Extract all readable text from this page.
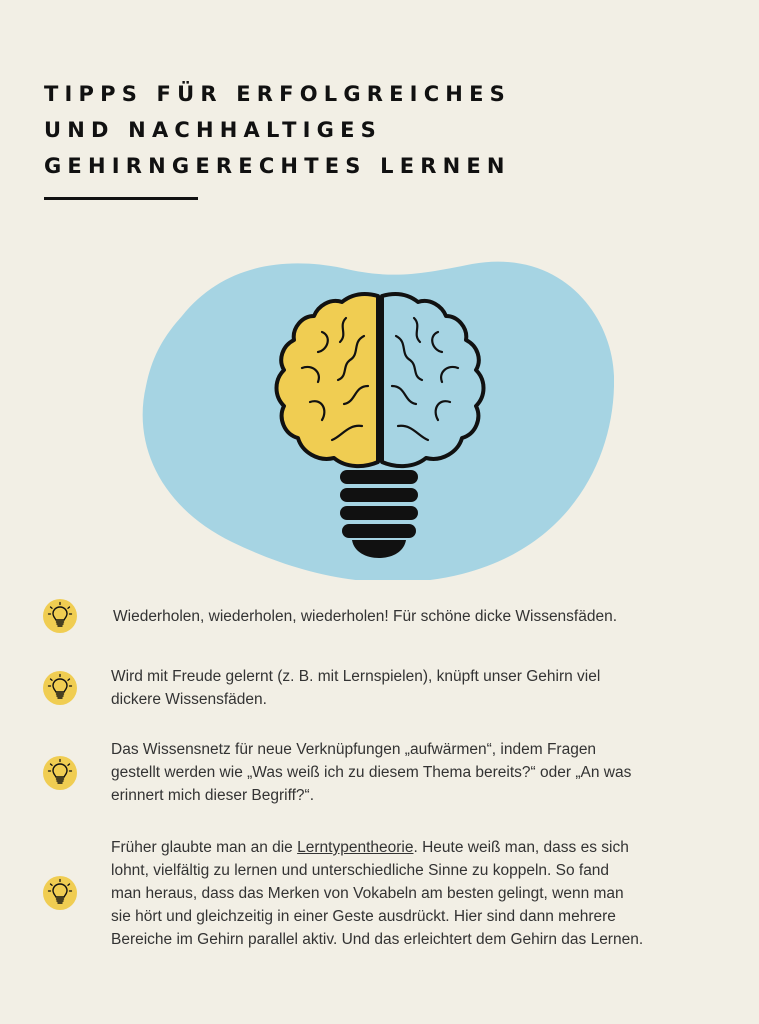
TIPPS FÜR ERFOLGREICHES
UND NACHHALTIGES
GEHIRNGERECHTES LERNEN
Wiederholen, wiederholen, wiederholen! Für schöne dicke Wissensfäden.
Wird mit Freude gelernt (z. B. mit Lernspielen), knüpft unser Gehirn viel
dickere Wissensfäden.
Das Wissensnetz für neue Verknüpfungen „aufwärmen“, indem Fragen
gestellt werden wie „Was weiß ich zu diesem Thema bereits?“ oder „An was
erinnert mich dieser Begriff?“.
Früher glaubte man an die Lerntypentheorie. Heute weiß man, dass es sich
lohnt, vielfältig zu lernen und unterschiedliche Sinne zu koppeln. So fand
man heraus, dass das Merken von Vokabeln am besten gelingt, wenn man
sie hört und gleichzeitig in einer Geste ausdrückt. Hier sind dann mehrere
Bereiche im Gehirn parallel aktiv. Und das erleichtert dem Gehirn das Lernen.
